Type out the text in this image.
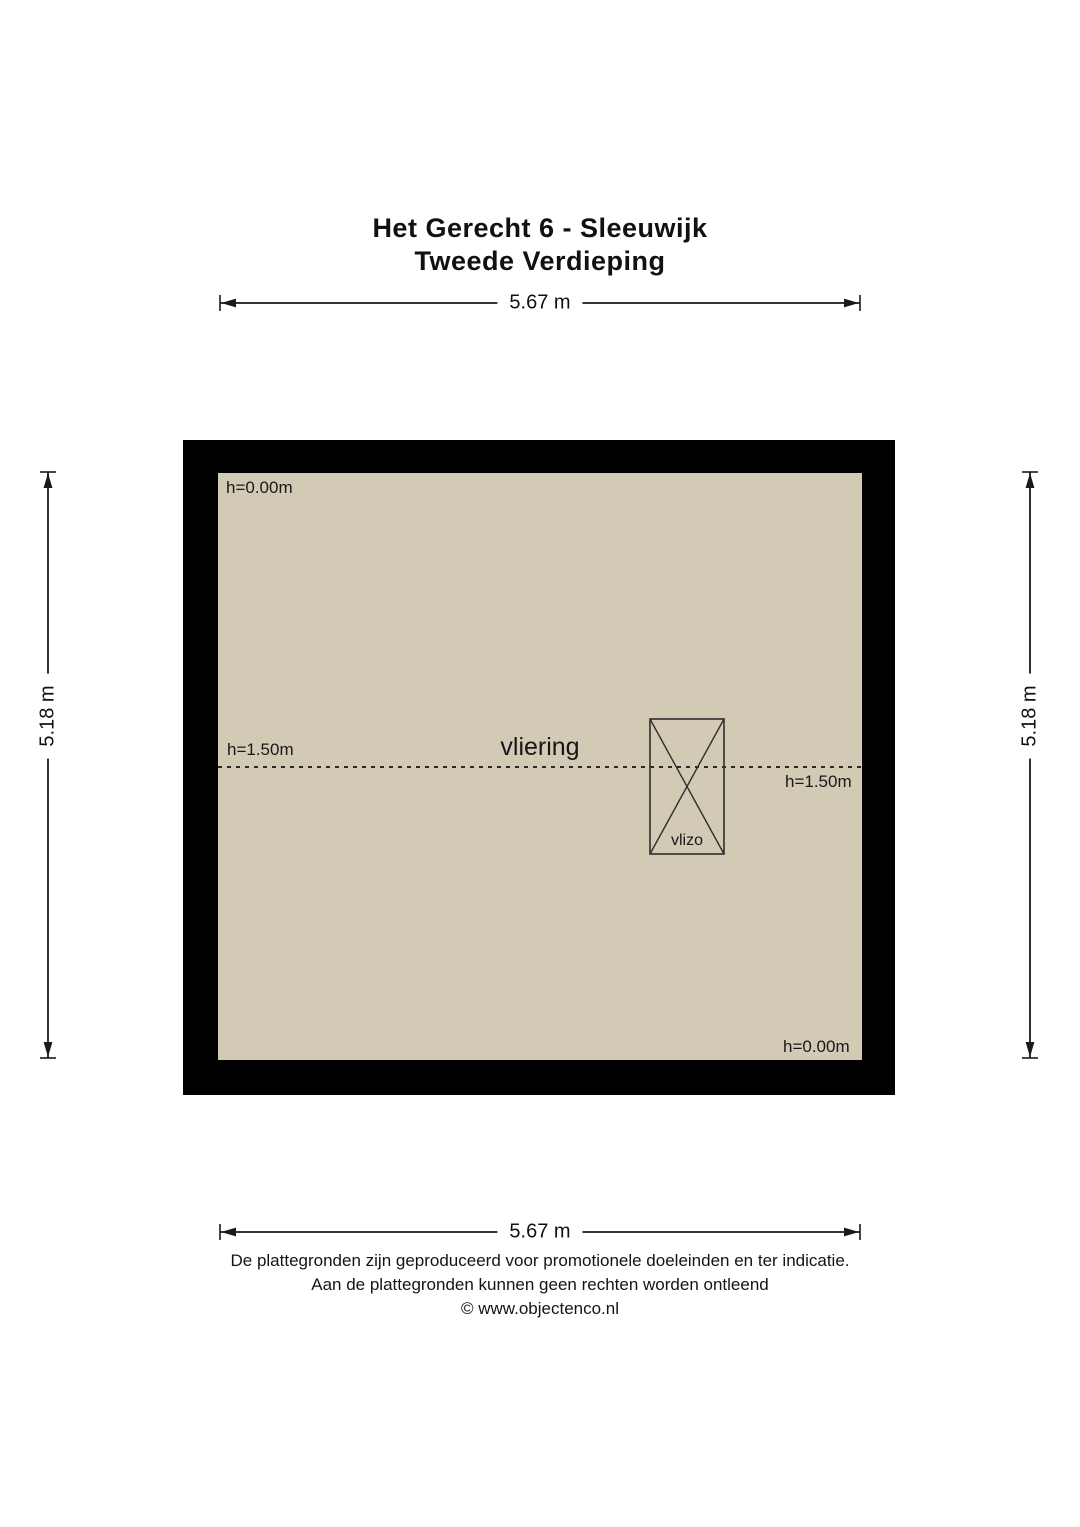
Het Gerecht 6 - Sleeuwijk
Tweede Verdieping
5.67 m
5.18 m	5.18 m
h=0.00m
h=1.50m	vliering
h=1.50m
h=0.00m
vlizo
5.67 m
De plattegronden zijn geproduceerd voor promotionele doeleinden en ter indicatie.
Aan de plattegronden kunnen geen rechten worden ontleend
© www.objectenco.nl
